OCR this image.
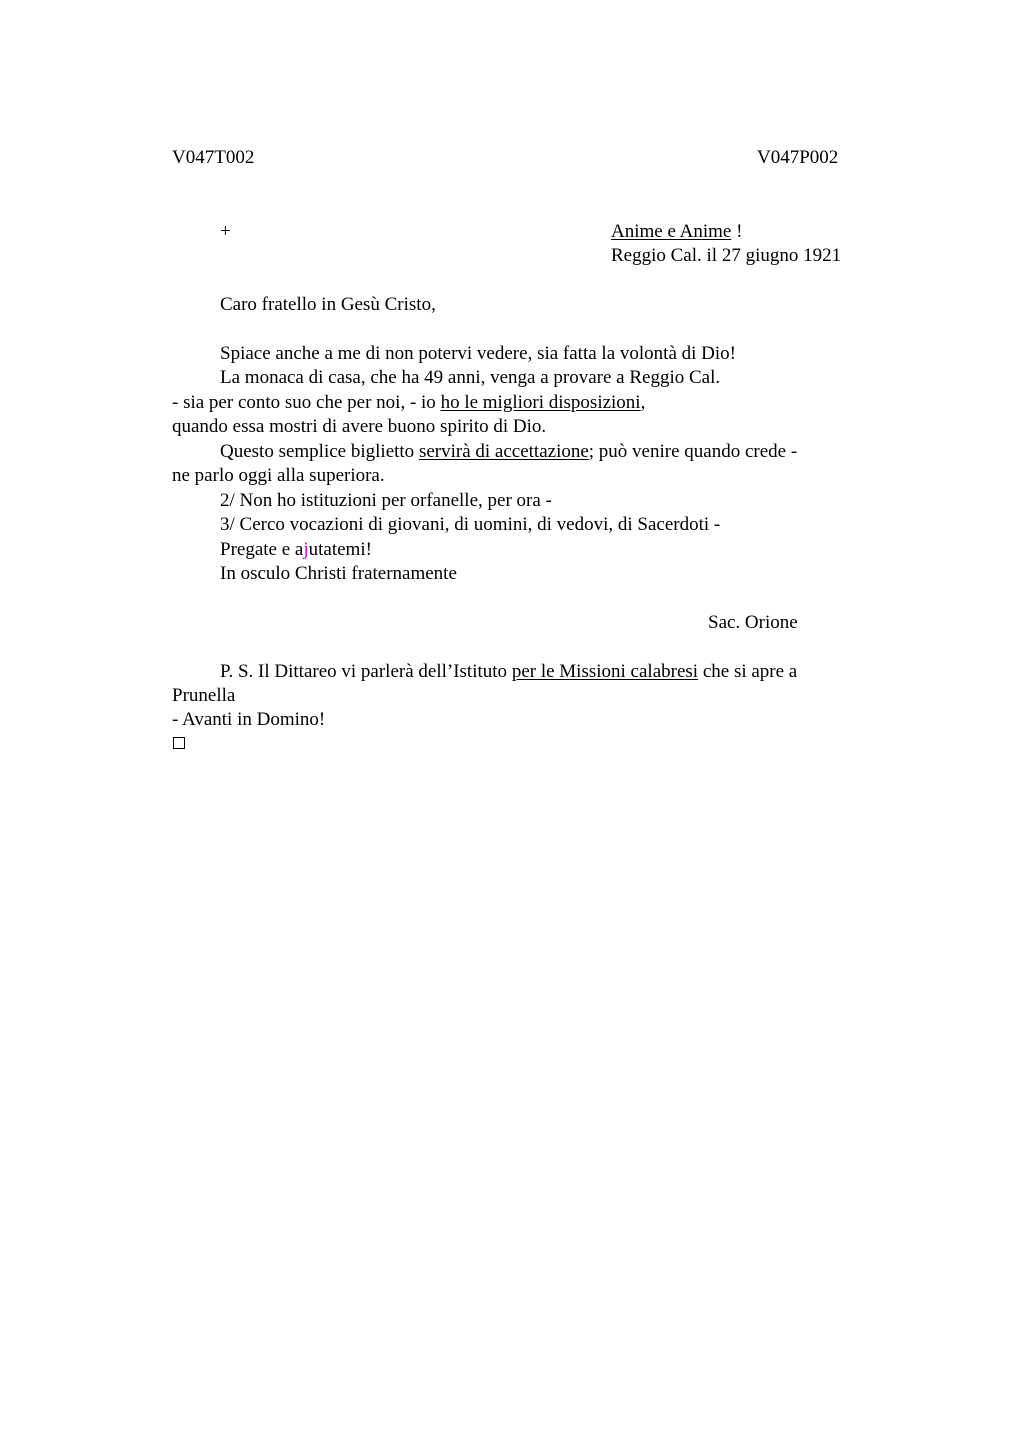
V047T002	V047P002
+	Anime e Anime !
Reggio Cal. il 27 giugno 1921
Caro fratello in Gesù Cristo,
Spiace anche a me di non potervi vedere, sia fatta la volontà di Dio!
La monaca di casa, che ha 49 anni, venga a provare a Reggio Cal.
- sia per conto suo che per noi, - io ho le migliori disposizioni,
quando essa mostri di avere buono spirito di Dio.
Questo semplice biglietto servirà di accettazione; può venire quando crede -
ne parlo oggi alla superiora.
2/ Non ho istituzioni per orfanelle, per ora -
3/ Cerco vocazioni di giovani, di uomini, di vedovi, di Sacerdoti -
Pregate e ajutatemi!
In osculo Christi fraternamente
Sac. Orione
P. S. Il Dittareo vi parlerà dell’Istituto per le Missioni calabresi che si apre a
Prunella
- Avanti in Domino!
